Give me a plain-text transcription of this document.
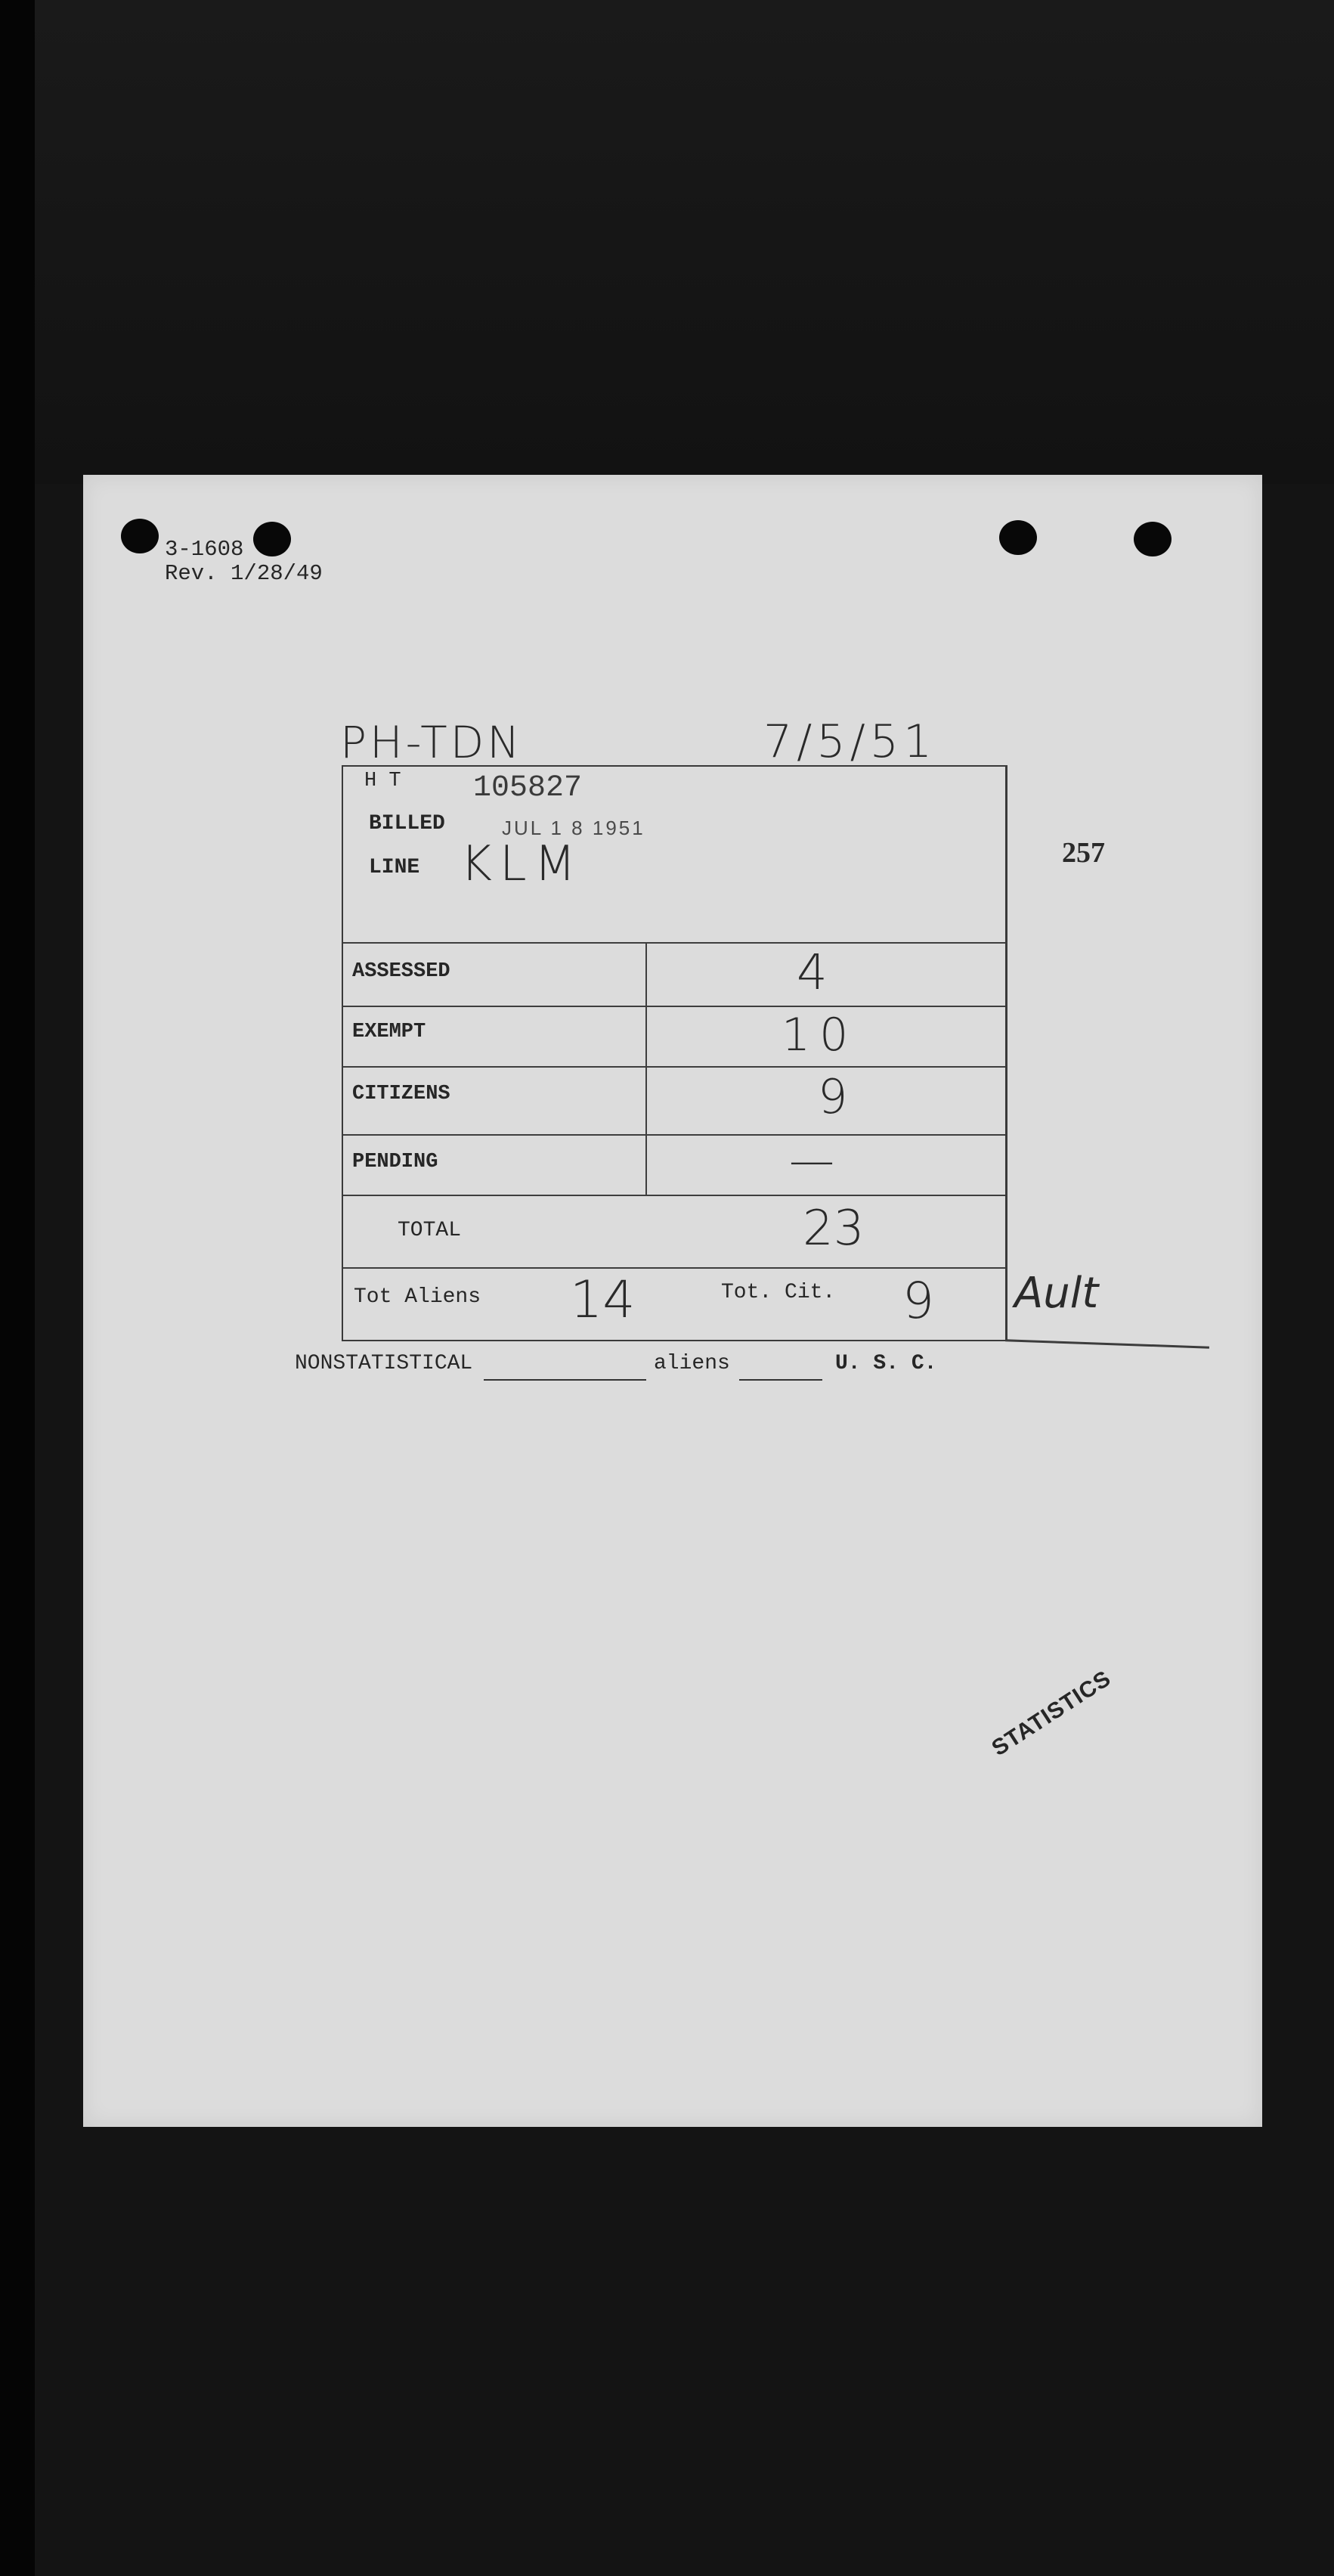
3-1608
Rev. 1/28/49
PH-TDN	7/5/51
257
H T 105827
BILLED	JUL 1 8 1951
LINE KLM
ASSESSED	4
EXEMPT	10
CITIZENS	9
PENDING	—
TOTAL	23
Tot Aliens 14	Tot. Cit. 9 Ault
NONSTATISTICAL	aliens	U. S. C.
STATISTICS
